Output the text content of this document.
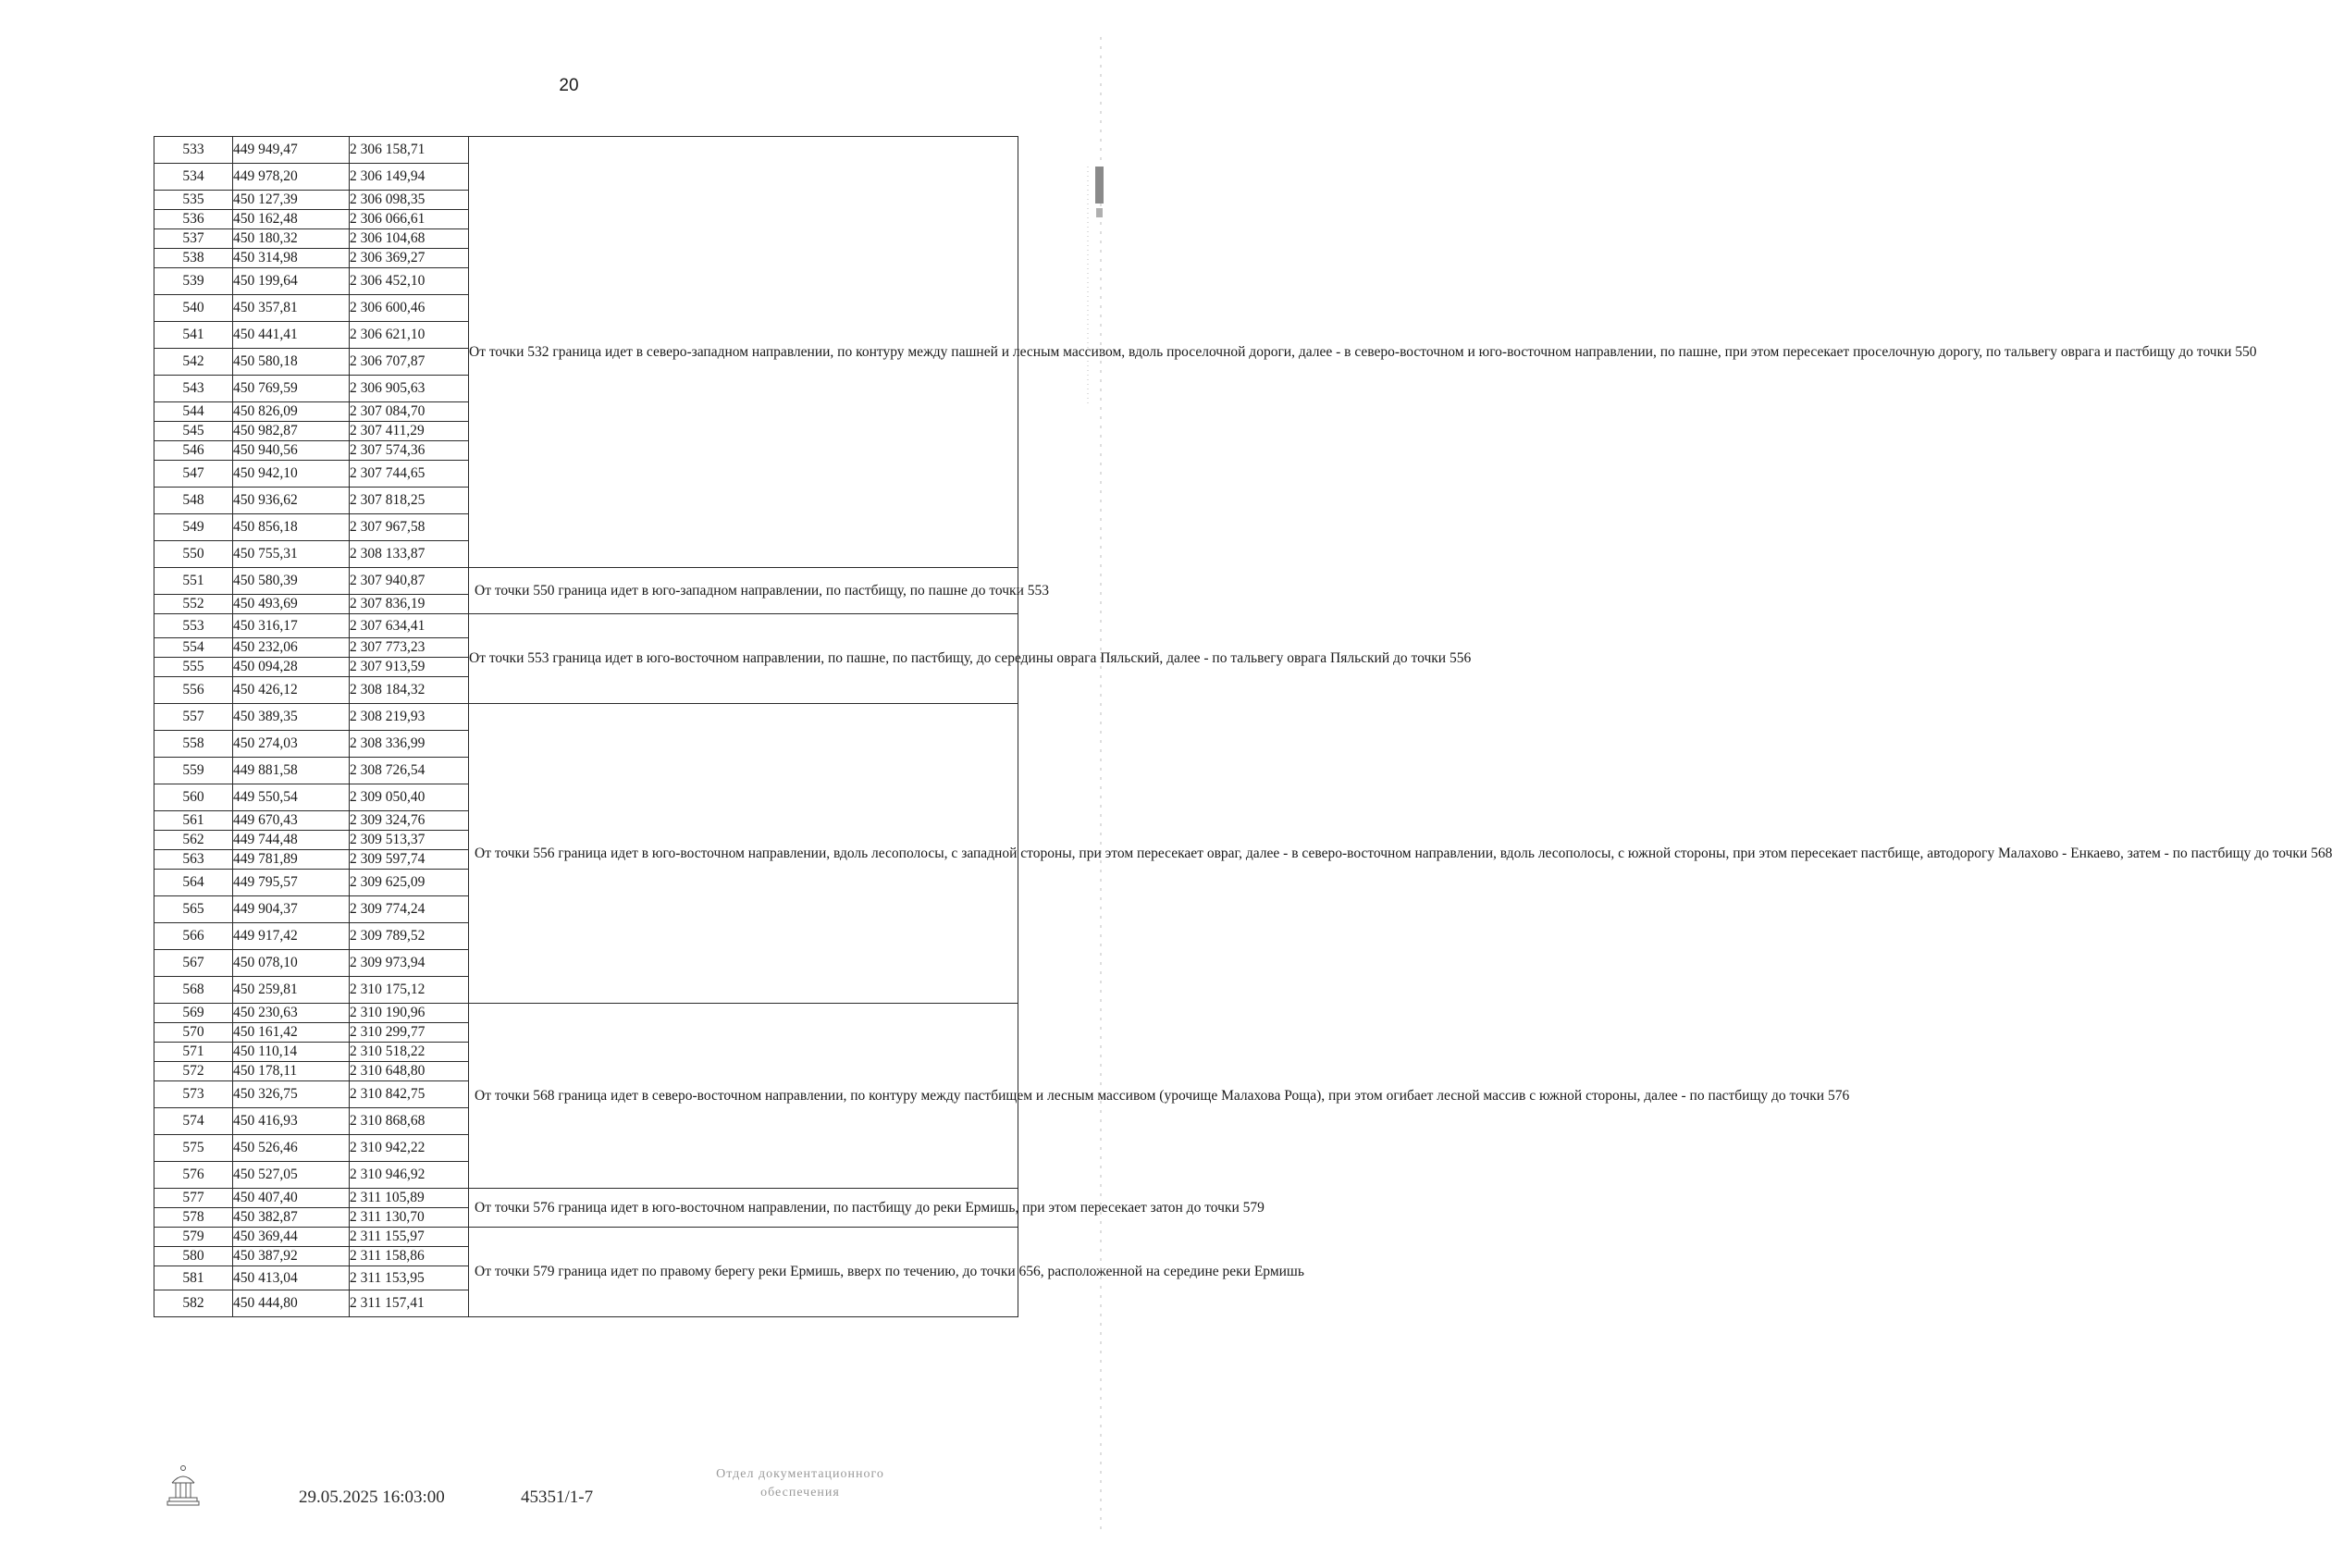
20
533	449 949,47	2 306 158,71	От точки 532 граница идет в северо-западном направлении, по контуру между пашней и лесным массивом, вдоль проселочной дороги, далее - в северо-восточном и юго-восточном направлении, по пашне, при этом пересекает проселочную дорогу, по тальвегу оврага и пастбищу до точки 550
534	449 978,20	2 306 149,94	
535	450 127,39	2 306 098,35	
536	450 162,48	2 306 066,61	
537	450 180,32	2 306 104,68	
538	450 314,98	2 306 369,27	
539	450 199,64	2 306 452,10	
540	450 357,81	2 306 600,46	
541	450 441,41	2 306 621,10	
542	450 580,18	2 306 707,87	
543	450 769,59	2 306 905,63	
544	450 826,09	2 307 084,70	
545	450 982,87	2 307 411,29	
546	450 940,56	2 307 574,36	
547	450 942,10	2 307 744,65	
548	450 936,62	2 307 818,25	
549	450 856,18	2 307 967,58	
550	450 755,31	2 308 133,87	
551	450 580,39	2 307 940,87	От точки 550 граница идет в юго-западном направлении, по пастбищу, по пашне до точки 553
552	450 493,69	2 307 836,19	
553	450 316,17	2 307 634,41	От точки 553 граница идет в юго-восточном направлении, по пашне, по пастбищу, до середины оврага Пяльский, далее - по тальвегу оврага Пяльский до точки 556
554	450 232,06	2 307 773,23	
555	450 094,28	2 307 913,59	
556	450 426,12	2 308 184,32	
557	450 389,35	2 308 219,93	От точки 556 граница идет в юго-восточном направлении, вдоль лесополосы, с западной стороны, при этом пересекает овраг, далее - в северо-восточном направлении, вдоль лесополосы, с южной стороны, при этом пересекает пастбище, автодорогу Малахово - Енкаево, затем - по пастбищу до точки 568
558	450 274,03	2 308 336,99	
559	449 881,58	2 308 726,54	
560	449 550,54	2 309 050,40	
561	449 670,43	2 309 324,76	
562	449 744,48	2 309 513,37	
563	449 781,89	2 309 597,74	
564	449 795,57	2 309 625,09	
565	449 904,37	2 309 774,24	
566	449 917,42	2 309 789,52	
567	450 078,10	2 309 973,94	
568	450 259,81	2 310 175,12	
569	450 230,63	2 310 190,96	От точки 568 граница идет в северо-восточном направлении, по контуру между пастбищем и лесным массивом (урочище Малахова Роща), при этом огибает лесной массив с южной стороны, далее - по пастбищу до точки 576
570	450 161,42	2 310 299,77	
571	450 110,14	2 310 518,22	
572	450 178,11	2 310 648,80	
573	450 326,75	2 310 842,75	
574	450 416,93	2 310 868,68	
575	450 526,46	2 310 942,22	
576	450 527,05	2 310 946,92	
577	450 407,40	2 311 105,89	От точки 576 граница идет в юго-восточном направлении, по пастбищу до реки Ермишь, при этом пересекает затон до точки 579
578	450 382,87	2 311 130,70	
579	450 369,44	2 311 155,97	От точки 579 граница идет по правому берегу реки Ермишь, вверх по течению, до точки 656, расположенной на середине реки Ермишь
580	450 387,92	2 311 158,86	
581	450 413,04	2 311 153,95	
582	450 444,80	2 311 157,41	
29.05.2025 16:03:00	45351/1-7
Отдел документационного
обеспечения
